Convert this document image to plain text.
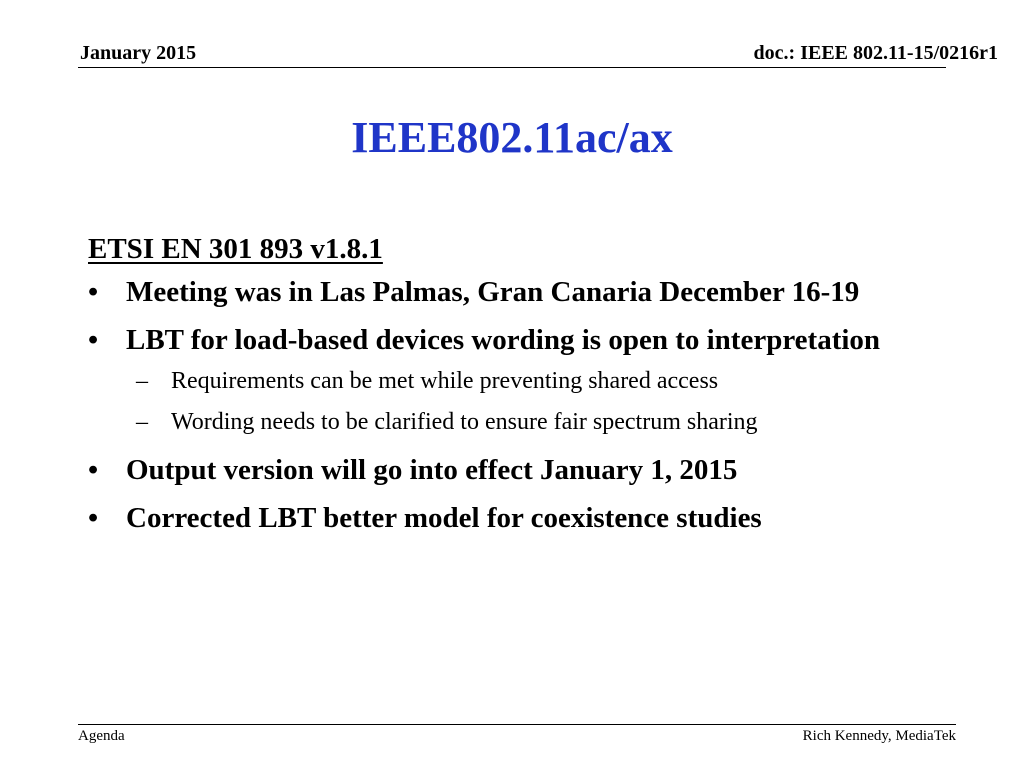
January 2015	doc.: IEEE 802.11-15/0216r1
IEEE802.11ac/ax
ETSI EN 301 893 v1.8.1
• Meeting was in Las Palmas, Gran Canaria December 16-19
• LBT for load-based devices wording is open to interpretation
– Requirements can be met while preventing shared access
– Wording needs to be clarified to ensure fair spectrum sharing
• Output version will go into effect January 1, 2015
• Corrected LBT better model for coexistence studies
Agenda	Rich Kennedy, MediaTek
